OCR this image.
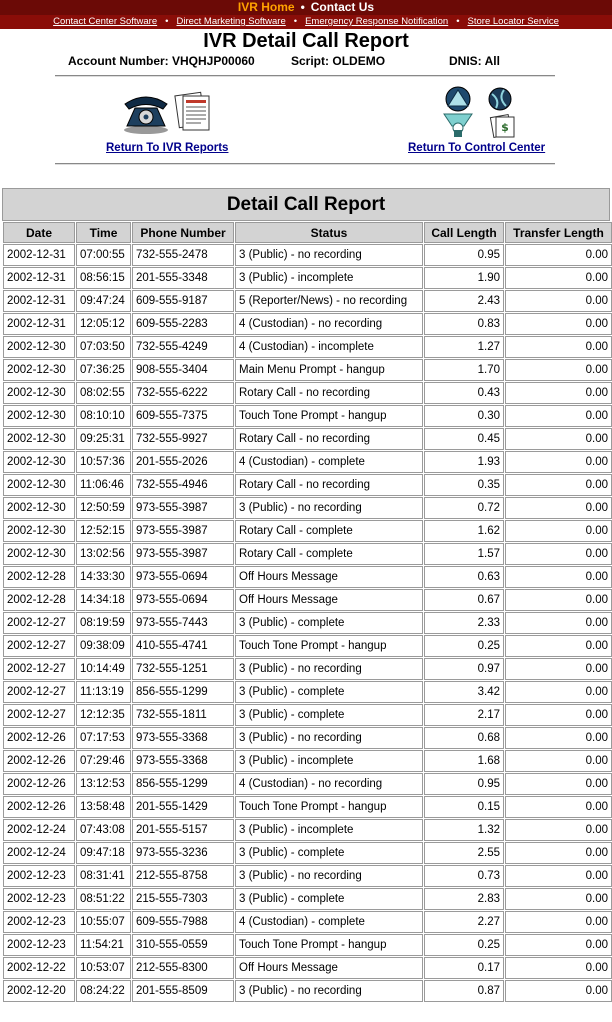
IVR Home • Contact Us
Contact Center Software • Direct Marketing Software • Emergency Response Notification • Store Locator Service
IVR Detail Call Report
Account Number: VHQHJP00060	Script: OLDEMO	DNIS: All
$
Return To IVR Reports	Return To Control Center
Detail Call Report
Date	Time	Phone Number	Status	Call Length	Transfer Length
2002-12-31	07:00:55	732-555-2478	3 (Public) - no recording	0.95	0.00
2002-12-31	08:56:15	201-555-3348	3 (Public) - incomplete	1.90	0.00
2002-12-31	09:47:24	609-555-9187	5 (Reporter/News) - no recording	2.43	0.00
2002-12-31	12:05:12	609-555-2283	4 (Custodian) - no recording	0.83	0.00
2002-12-30	07:03:50	732-555-4249	4 (Custodian) - incomplete	1.27	0.00
2002-12-30	07:36:25	908-555-3404	Main Menu Prompt - hangup	1.70	0.00
2002-12-30	08:02:55	732-555-6222	Rotary Call - no recording	0.43	0.00
2002-12-30	08:10:10	609-555-7375	Touch Tone Prompt - hangup	0.30	0.00
2002-12-30	09:25:31	732-555-9927	Rotary Call - no recording	0.45	0.00
2002-12-30	10:57:36	201-555-2026	4 (Custodian) - complete	1.93	0.00
2002-12-30	11:06:46	732-555-4946	Rotary Call - no recording	0.35	0.00
2002-12-30	12:50:59	973-555-3987	3 (Public) - no recording	0.72	0.00
2002-12-30	12:52:15	973-555-3987	Rotary Call - complete	1.62	0.00
2002-12-30	13:02:56	973-555-3987	Rotary Call - complete	1.57	0.00
2002-12-28	14:33:30	973-555-0694	Off Hours Message	0.63	0.00
2002-12-28	14:34:18	973-555-0694	Off Hours Message	0.67	0.00
2002-12-27	08:19:59	973-555-7443	3 (Public) - complete	2.33	0.00
2002-12-27	09:38:09	410-555-4741	Touch Tone Prompt - hangup	0.25	0.00
2002-12-27	10:14:49	732-555-1251	3 (Public) - no recording	0.97	0.00
2002-12-27	11:13:19	856-555-1299	3 (Public) - complete	3.42	0.00
2002-12-27	12:12:35	732-555-1811	3 (Public) - complete	2.17	0.00
2002-12-26	07:17:53	973-555-3368	3 (Public) - no recording	0.68	0.00
2002-12-26	07:29:46	973-555-3368	3 (Public) - incomplete	1.68	0.00
2002-12-26	13:12:53	856-555-1299	4 (Custodian) - no recording	0.95	0.00
2002-12-26	13:58:48	201-555-1429	Touch Tone Prompt - hangup	0.15	0.00
2002-12-24	07:43:08	201-555-5157	3 (Public) - incomplete	1.32	0.00
2002-12-24	09:47:18	973-555-3236	3 (Public) - complete	2.55	0.00
2002-12-23	08:31:41	212-555-8758	3 (Public) - no recording	0.73	0.00
2002-12-23	08:51:22	215-555-7303	3 (Public) - complete	2.83	0.00
2002-12-23	10:55:07	609-555-7988	4 (Custodian) - complete	2.27	0.00
2002-12-23	11:54:21	310-555-0559	Touch Tone Prompt - hangup	0.25	0.00
2002-12-22	10:53:07	212-555-8300	Off Hours Message	0.17	0.00
2002-12-20	08:24:22	201-555-8509	3 (Public) - no recording	0.87	0.00
